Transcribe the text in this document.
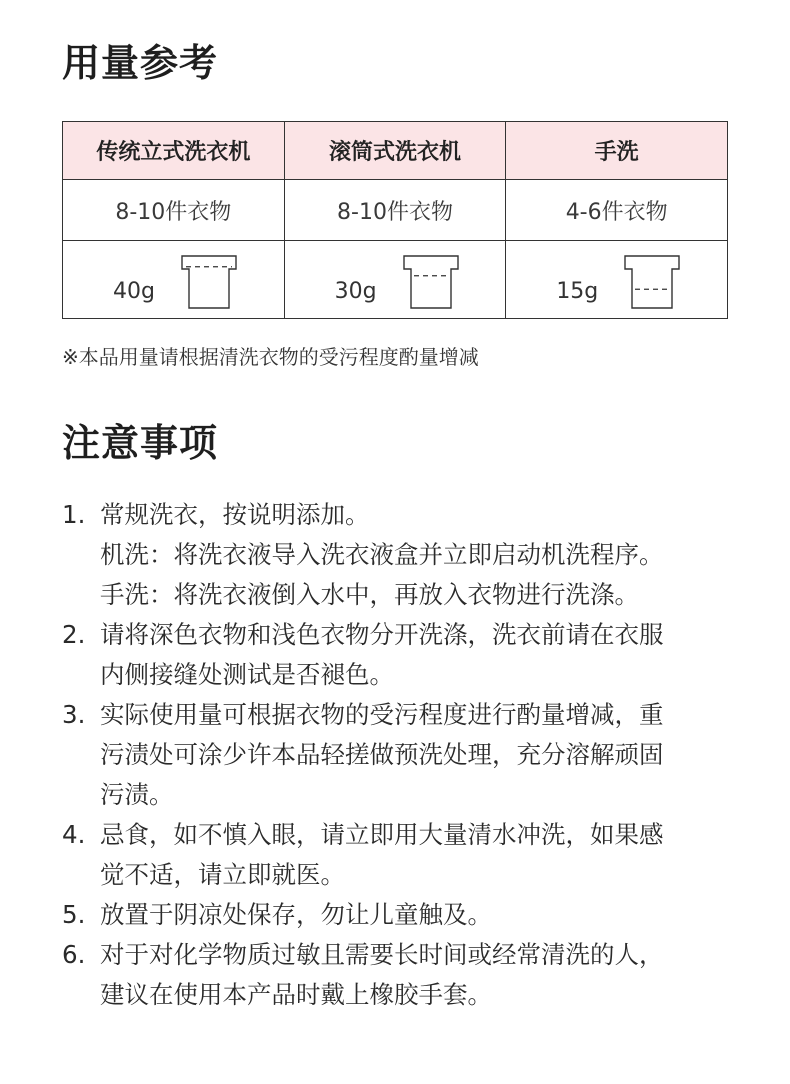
用量参考
传统立式洗衣机	滚筒式洗衣机	手洗
8-10件衣物	8-10件衣物	4-6件衣物

40g	30g	15g
※本品用量请根据清洗衣物的受污程度酌量增减
注意事项
1. 常规洗衣，按说明添加。
机洗：将洗衣液导入洗衣液盒并立即启动机洗程序。
手洗：将洗衣液倒入水中，再放入衣物进行洗涤。
2. 请将深色衣物和浅色衣物分开洗涤，洗衣前请在衣服
内侧接缝处测试是否褪色。
3. 实际使用量可根据衣物的受污程度进行酌量增减，重
污渍处可涂少许本品轻搓做预洗处理，充分溶解顽固
污渍。
4. 忌食，如不慎入眼，请立即用大量清水冲洗，如果感
觉不适，请立即就医。
5. 放置于阴凉处保存，勿让儿童触及。
6. 对于对化学物质过敏且需要长时间或经常清洗的人，
建议在使用本产品时戴上橡胶手套。
